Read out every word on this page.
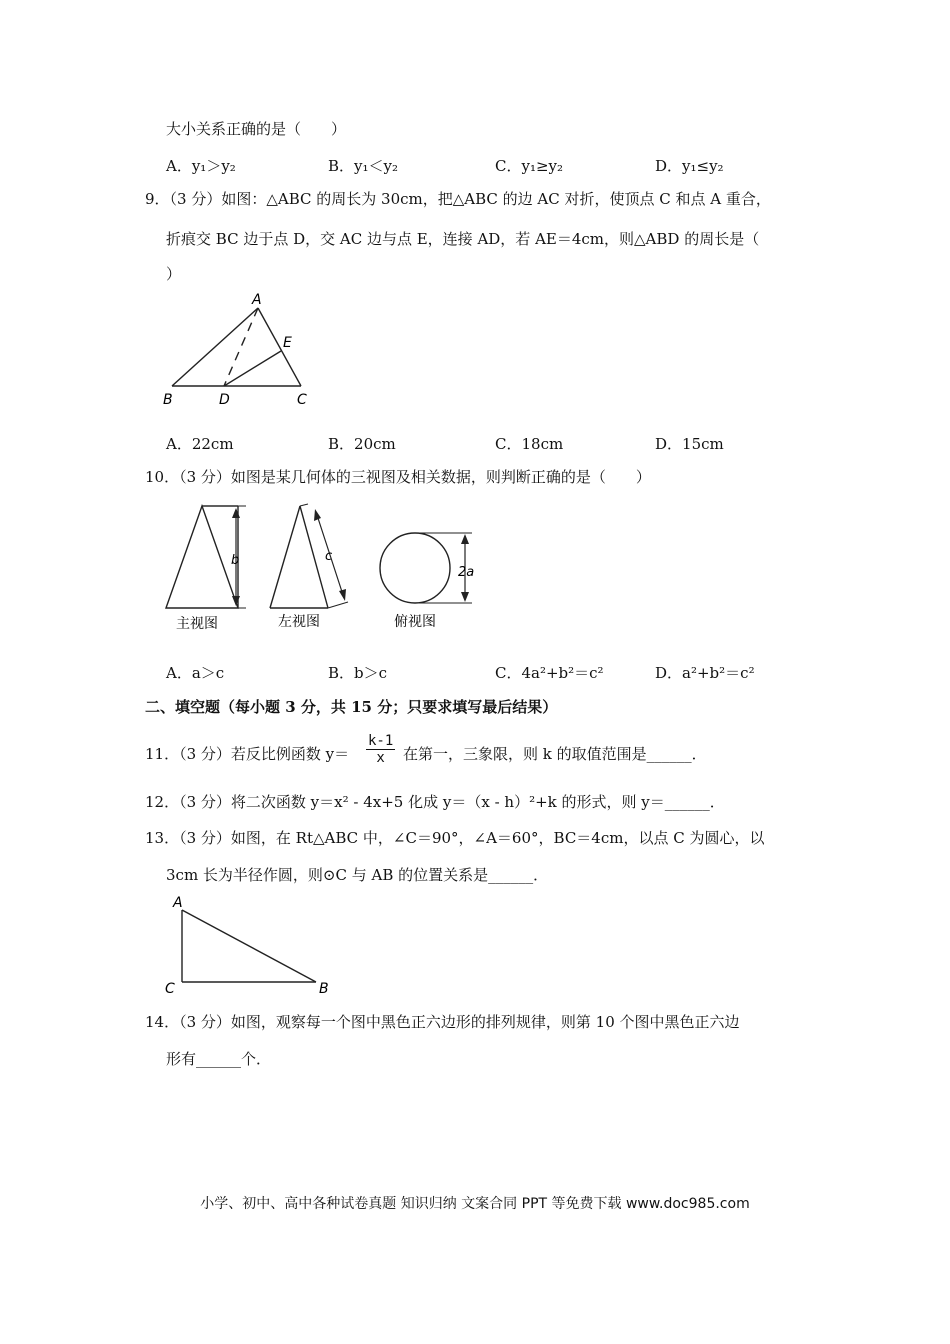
大小关系正确的是（　　）
A．y₁＞y₂	B．y₁＜y₂	C．y₁≥y₂	D．y₁≤y₂
9．（3 分）如图：△ABC 的周长为 30cm，把△ABC 的边 AC 对折，使顶点 C 和点 A 重合，
折痕交 BC 边于点 D，交 AC 边与点 E，连接 AD，若 AE＝4cm，则△ABD 的周长是（
）
A
B	D	C
E
A．22cm	B．20cm	C．18cm	D．15cm
10．（3 分）如图是某几何体的三视图及相关数据，则判断正确的是（　　）
b	c
2a
主视图	左视图	俯视图
A．a＞c	B．b＞c	C．4a²+b²＝c²	D．a²+b²＝c²
二、填空题（每小题 3 分，共 15 分；只要求填写最后结果）
11．（3 分）若反比例函数 $y= \frac{k-1}{x}$ 在第一，三象限，则 k 的取值范围是______．
12．（3 分）将二次函数 y＝x² - 4x+5 化成 y＝（x - h）²+k 的形式，则 y＝______．
13．（3 分）如图，在 Rt△ABC 中，∠C＝90°，∠A＝60°，BC＝4cm，以点 C 为圆心，以
3cm 长为半径作圆，则⊙C 与 AB 的位置关系是______．
A
C	B
14．（3 分）如图，观察每一个图中黑色正六边形的排列规律，则第 10 个图中黑色正六边
形有______个．
小学、初中、高中各种试卷真题 知识归纳 文案合同 PPT 等免费下载 www.doc985.com
